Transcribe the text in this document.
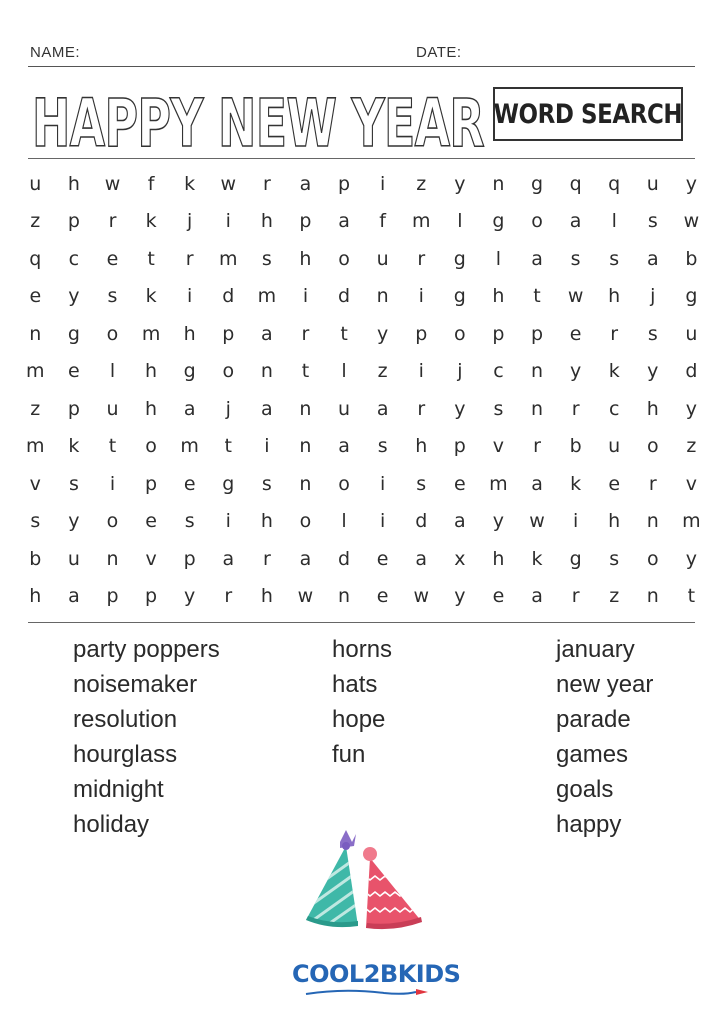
NAME:	DATE:
HAPPY NEW YEAR WORD SEARCH
u	h	w	f	k	w	r	a	p	i	z	y	n	g	q	q	u	y
z	p	r	k	j	i	h	p	a	f	m	l	g	o	a	l	s	w
q	c	e	t	r	m	s	h	o	u	r	g	l	a	s	s	a	b
e	y	s	k	i	d	m	i	d	n	i	g	h	t	w	h	j	g
n	g	o	m	h	p	a	r	t	y	p	o	p	p	e	r	s	u
m	e	l	h	g	o	n	t	l	z	i	j	c	n	y	k	y	d
z	p	u	h	a	j	a	n	u	a	r	y	s	n	r	c	h	y
m	k	t	o	m	t	i	n	a	s	h	p	v	r	b	u	o	z
v	s	i	p	e	g	s	n	o	i	s	e	m	a	k	e	r	v
s	y	o	e	s	i	h	o	l	i	d	a	y	w	i	h	n	m
b	u	n	v	p	a	r	a	d	e	a	x	h	k	g	s	o	y
h	a	p	p	y	r	h	w	n	e	w	y	e	a	r	z	n	t
party poppers
noisemaker
resolution
hourglass
midnight
holiday
horns
hats
hope
fun
january
new year
parade
games
goals
happy
COOL2BKIDS
